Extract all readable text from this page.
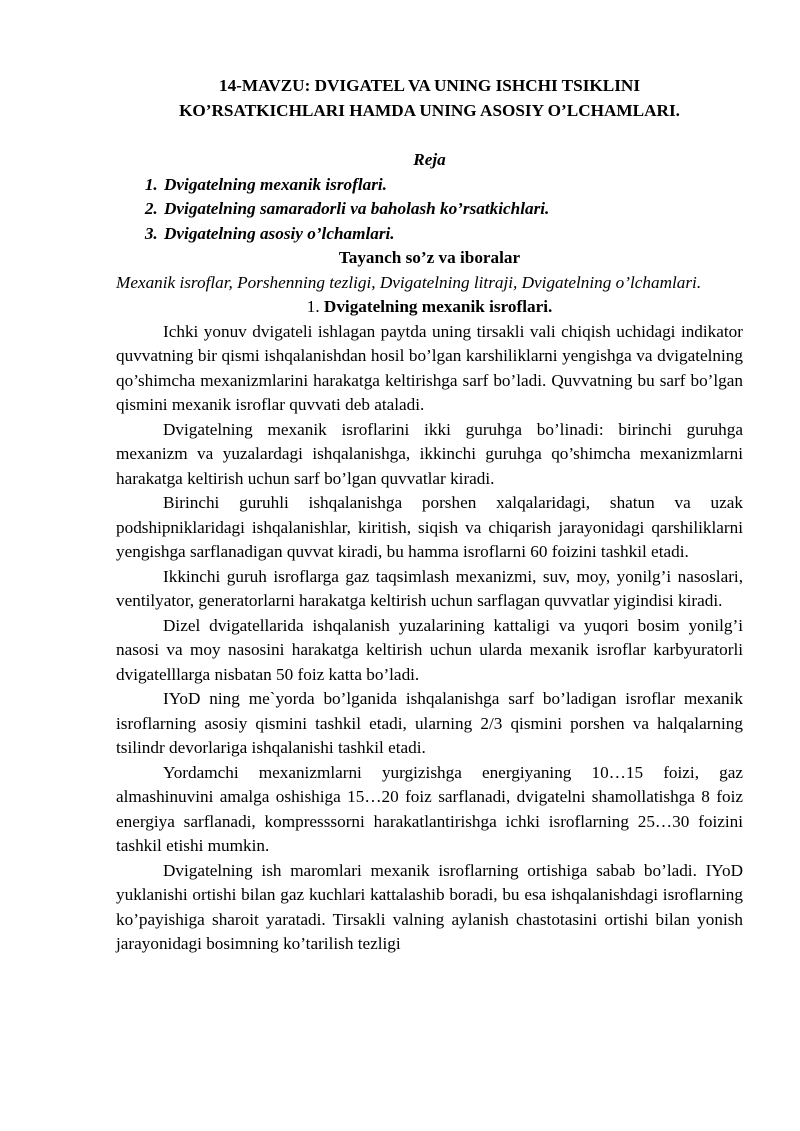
14-MAVZU: DVIGATEL VA UNING ISHCHI TSIKLINI
KO’RSATKICHLARI HAMDA UNING ASOSIY O’LCHAMLARI.

Reja

1. Dvigatelning mexanik isroflari.
2. Dvigatelning samaradorli va baholash ko’rsatkichlari.
3. Dvigatelning asosiy o’lchamlari.

Tayanch so’z va iboralar

Mexanik isroflar, Porshenning tezligi, Dvigatelning litraji, Dvigatelning o’lchamlari.

1. Dvigatelning mexanik isroflari.

Ichki yonuv dvigateli ishlagan paytda uning tirsakli vali chiqish uchidagi indikator quvvatning bir qismi ishqalanishdan hosil bo’lgan karshiliklarni yengishga va dvigatelning qo’shimcha mexanizmlarini harakatga keltirishga sarf bo’ladi. Quvvatning bu sarf bo’lgan qismini mexanik isroflar quvvati deb ataladi.

Dvigatelning mexanik isroflarini ikki guruhga bo’linadi: birinchi guruhga mexanizm va yuzalardagi ishqalanishga, ikkinchi guruhga qo’shimcha mexanizmlarni harakatga keltirish uchun sarf bo’lgan quvvatlar kiradi.

Birinchi guruhli ishqalanishga porshen xalqalaridagi, shatun va uzak podshipniklaridagi ishqalanishlar, kiritish, siqish va chiqarish jarayonidagi qarshiliklarni yengishga sarflanadigan quvvat kiradi, bu hamma isroflarni 60 foizini tashkil etadi.

Ikkinchi guruh isroflarga gaz taqsimlash mexanizmi, suv, moy, yonilg’i nasoslari, ventilyator, generatorlarni harakatga keltirish uchun sarflagan quvvatlar yigindisi kiradi.

Dizel dvigatellarida ishqalanish yuzalarining kattaligi va yuqori bosim yonilg’i nasosi va moy nasosini harakatga keltirish uchun ularda mexanik isroflar karbyuratorli dvigatelllarga nisbatan 50 foiz katta bo’ladi.

IYoD ning me`yorda bo’lganida ishqalanishga sarf bo’ladigan isroflar mexanik isroflarning asosiy qismini tashkil etadi, ularning 2/3 qismini porshen va halqalarning tsilindr devorlariga ishqalanishi tashkil etadi.

Yordamchi mexanizmlarni yurgizishga energiyaning 10…15 foizi, gaz almashinuvini amalga oshishiga 15…20 foiz sarflanadi, dvigatelni shamollatishga 8 foiz energiya sarflanadi, kompresssorni harakatlantirishga ichki isroflarning 25…30 foizini tashkil etishi mumkin.

Dvigatelning ish maromlari mexanik isroflarning ortishiga sabab bo’ladi. IYoD yuklanishi ortishi bilan gaz kuchlari kattalashib boradi, bu esa ishqalanishdagi isroflarning ko’payishiga sharoit yaratadi. Tirsakli valning aylanish chastotasini ortishi bilan yonish jarayonidagi bosimning ko’tarilish tezligi
